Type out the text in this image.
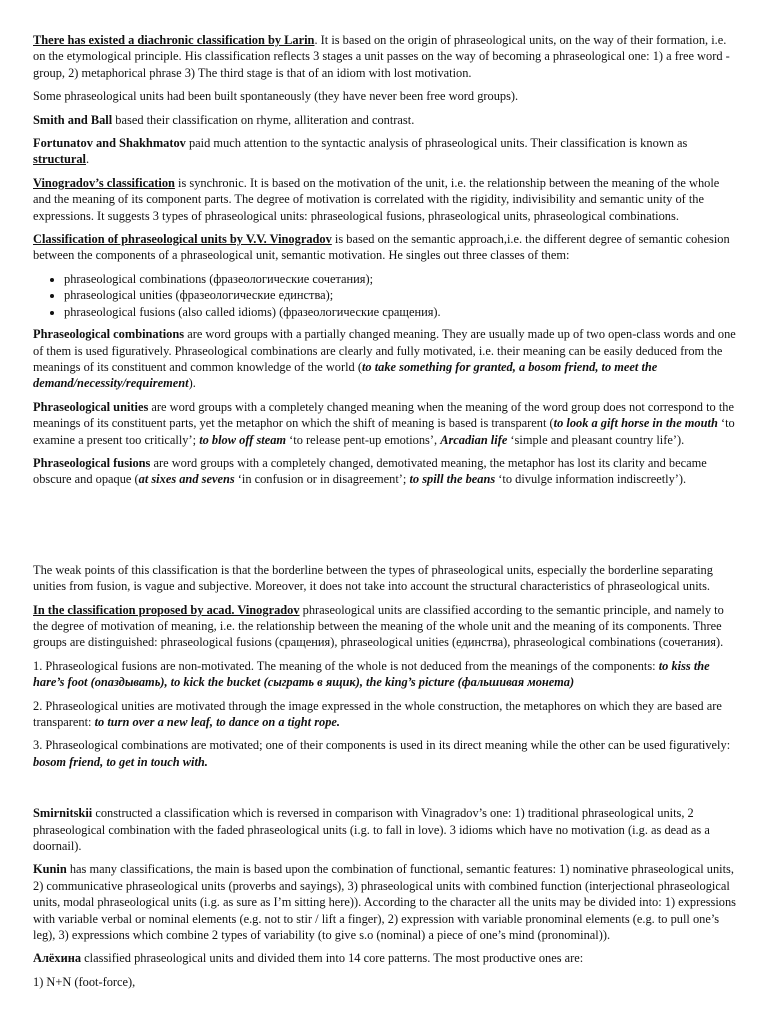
There has existed a diachronic classification by Larin. It is based on the origin of phraseological units, on the way of their formation, i.e. on the etymological principle. His classification reflects 3 stages a unit passes on the way of becoming a phraseological one: 1) a free word - group, 2) metaphorical phrase 3) The third stage is that of an idiom with lost motivation.

Some phraseological units had been built spontaneously (they have never been free word groups).

Smith and Ball based their classification on rhyme, alliteration and contrast.

Fortunatov and Shakhmatov paid much attention to the syntactic analysis of phraseological units. Their classification is known as structural.

Vinogradov’s classification is synchronic. It is based on the motivation of the unit, i.e. the relationship between the meaning of the whole and the meaning of its component parts. The degree of motivation is correlated with the rigidity, indivisibility and semantic unity of the expressions. It suggests 3 types of phraseological units: phraseological fusions, phraseological units, phraseological combinations.

Classification of phraseological units by V.V. Vinogradov is based on the semantic approach,i.e. the different degree of semantic cohesion between the components of a phraseological unit, semantic motivation. He singles out three classes of them:

• phraseological combinations (фразеологические сочетания);
• phraseological unities (фразеологические единства);
• phraseological fusions (also called idioms) (фразеологические сращения).

Phraseological combinations are word groups with a partially changed meaning. They are usually made up of two open-class words and one of them is used figuratively. Phraseological combinations are clearly and fully motivated, i.e. their meaning can be easily deduced from the meanings of its constituent and common knowledge of the world (to take something for granted, a bosom friend, to meet the demand/necessity/requirement).

Phraseological unities are word groups with a completely changed meaning when the meaning of the word group does not correspond to the meanings of its constituent parts, yet the metaphor on which the shift of meaning is based is transparent (to look a gift horse in the mouth ‘to examine a present too critically’; to blow off steam ‘to release pent-up emotions’, Arcadian life ‘simple and pleasant country life’).

Phraseological fusions are word groups with a completely changed, demotivated meaning, the metaphor has lost its clarity and became obscure and opaque (at sixes and sevens ‘in confusion or in disagreement’; to spill the beans ‘to divulge information indiscreetly’).

The weak points of this classification is that the borderline between the types of phraseological units, especially the borderline separating unities from fusion, is vague and subjective. Moreover, it does not take into account the structural characteristics of phraseological units.

In the classification proposed by acad. Vinogradov phraseological units are classified according to the semantic principle, and namely to the degree of motivation of meaning, i.e. the relationship between the meaning of the whole unit and the meaning of its components. Three groups are distinguished: phraseological fusions (сращения), phraseological unities (единства), phraseological combinations (сочетания).

1. Phraseological fusions are non-motivated. The meaning of the whole is not deduced from the meanings of the components: to kiss the hare’s foot (опаздывать), to kick the bucket (сыграть в ящик), the king’s picture (фальшивая монета)

2. Phraseological unities are motivated through the image expressed in the whole construction, the metaphores on which they are based are transparent: to turn over a new leaf, to dance on a tight rope.

3. Phraseological combinations are motivated; one of their components is used in its direct meaning while the other can be used figuratively: bosom friend, to get in touch with.

Smirnitskii constructed a classification which is reversed in comparison with Vinagradov’s one: 1) traditional phraseological units, 2 phraseological combination with the faded phraseological units (i.g. to fall in love). 3 idioms which have no motivation (i.g. as dead as a doornail).

Kunin has many classifications, the main is based upon the combination of functional, semantic features: 1) nominative phraseological units, 2) communicative phraseological units (proverbs and sayings), 3) phraseological units with combined function (interjectional phraseological units, modal phraseological units (i.g. as sure as I’m sitting here)). According to the character all the units may be divided into: 1) expressions with variable verbal or nominal elements (e.g. not to stir / lift a finger), 2) expression with variable pronominal elements (e.g. to pull one’s leg), 3) expressions which combine 2 types of variability (to give s.o (nominal) a piece of one’s mind (pronominal)).

Алёхина classified phraseological units and divided them into 14 core patterns. The most productive ones are:

1) N+N (foot-force),
